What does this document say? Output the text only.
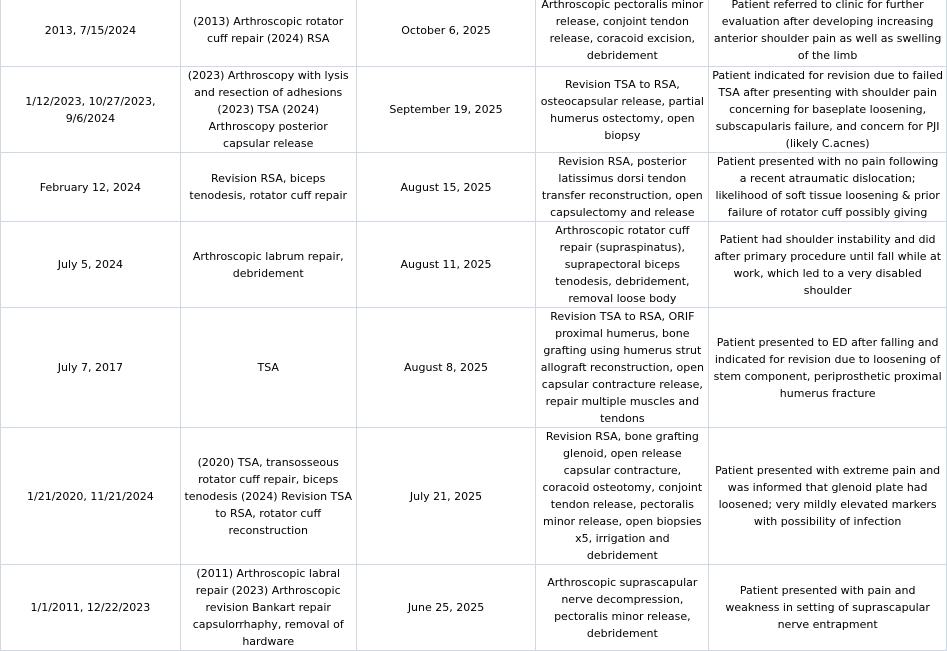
2013, 7/15/2024	(2013) Arthroscopic rotator cuff repair (2024) RSA	October 6, 2025	Arthroscopic pectoralis minor release, conjoint tendon release, coracoid excision, debridement	Patient referred to clinic for further evaluation after developing increasing anterior shoulder pain as well as swelling of the limb
1/12/2023, 10/27/2023, 9/6/2024	(2023) Arthroscopy with lysis and resection of adhesions (2023) TSA (2024) Arthroscopy posterior capsular release	September 19, 2025	Revision TSA to RSA, osteocapsular release, partial humerus ostectomy, open biopsy	Patient indicated for revision due to failed TSA after presenting with shoulder pain concerning for baseplate loosening, subscapularis failure, and concern for PJI (likely C.acnes)
February 12, 2024	Revision RSA, biceps tenodesis, rotator cuff repair	August 15, 2025	Revision RSA, posterior latissimus dorsi tendon transfer reconstruction, open capsulectomy and release	Patient presented with no pain following a recent atraumatic dislocation; likelihood of soft tissue loosening & prior failure of rotator cuff possibly giving
July 5, 2024	Arthroscopic labrum repair, debridement	August 11, 2025	Arthroscopic rotator cuff repair (supraspinatus), suprapectoral biceps tenodesis, debridement, removal loose body	Patient had shoulder instability and did after primary procedure until fall while at work, which led to a very disabled shoulder
July 7, 2017	TSA	August 8, 2025	Revision TSA to RSA, ORIF proximal humerus, bone grafting using humerus strut allograft reconstruction, open capsular contracture release, repair multiple muscles and tendons	Patient presented to ED after falling and indicated for revision due to loosening of stem component, periprosthetic proximal humerus fracture
1/21/2020, 11/21/2024	(2020) TSA, transosseous rotator cuff repair, biceps tenodesis (2024) Revision TSA to RSA, rotator cuff reconstruction	July 21, 2025	Revision RSA, bone grafting glenoid, open release capsular contracture, coracoid osteotomy, conjoint tendon release, pectoralis minor release, open biopsies x5, irrigation and debridement	Patient presented with extreme pain and was informed that glenoid plate had loosened; very mildly elevated markers with possibility of infection
1/1/2011, 12/22/2023	(2011) Arthroscopic labral repair (2023) Arthroscopic revision Bankart repair capsulorrhaphy, removal of hardware	June 25, 2025	Arthroscopic suprascapular nerve decompression, pectoralis minor release, debridement	Patient presented with pain and weakness in setting of suprascapular nerve entrapment
